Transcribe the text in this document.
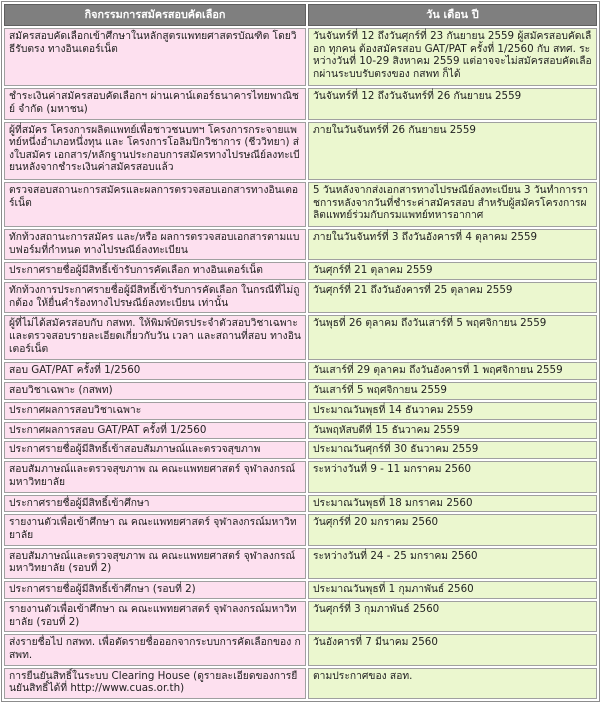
กิจกรรมการสมัครสอบคัดเลือก	วัน เดือน ปี
สมัครสอบคัดเลือกเข้าศึกษาในหลักสูตรแพทยศาสตรบัณฑิต โดยวิธีรับตรง ทางอินเตอร์เน็ต	วันจันทร์ที่ 12 ถึงวันศุกร์ที่ 23 กันยายน 2559 ผู้สมัครสอบคัดเลือก ทุกคน ต้องสมัครสอบ GAT/PAT ครั้งที่ 1/2560 กับ สทศ. ระหว่างวันที่ 10-29 สิงหาคม 2559 แต่อาจจะไม่สมัครสอบคัดเลือกผ่านระบบรับตรงของ กสพท ก็ได้
ชำระเงินค่าสมัครสอบคัดเลือกฯ ผ่านเคาน์เตอร์ธนาคารไทยพาณิชย์ จำกัด (มหาชน)	วันจันทร์ที่ 12 ถึงวันจันทร์ที่ 26 กันยายน 2559
ผู้ที่สมัคร โครงการผลิตแพทย์เพื่อชาวชนบทฯ โครงการกระจายแพทย์หนึ่งอำเภอหนึ่งทุน และ โครงการโอลิมปิกวิชาการ (ชีววิทยา) ส่งใบสมัคร เอกสาร/หลักฐานประกอบการสมัครทางไปรษณีย์ลงทะเบียนหลังจากชำระเงินค่าสมัครสอบแล้ว	ภายในวันจันทร์ที่ 26 กันยายน 2559
ตรวจสอบสถานะการสมัครและผลการตรวจสอบเอกสารทางอินเตอร์เน็ต	5 วันหลังจากส่งเอกสารทางไปรษณีย์ลงทะเบียน 3 วันทำการราชการหลังจากวันที่ชำระค่าสมัครสอบ สำหรับผู้สมัครโครงการผลิตแพทย์ร่วมกับกรมแพทย์ทหารอากาศ
ทักท้วงสถานะการสมัคร และ/หรือ ผลการตรวจสอบเอกสารตามแบบฟอร์มที่กำหนด ทางไปรษณีย์ลงทะเบียน	ภายในวันจันทร์ที่ 3 ถึงวันอังคารที่ 4 ตุลาคม 2559
ประกาศรายชื่อผู้มีสิทธิ์เข้ารับการคัดเลือก ทางอินเตอร์เน็ต	วันศุกร์ที่ 21 ตุลาคม 2559
ทักท้วงการประกาศรายชื่อผู้มีสิทธิ์เข้ารับการคัดเลือก ในกรณีที่ไม่ถูกต้อง ให้ยื่นคำร้องทางไปรษณีย์ลงทะเบียน เท่านั้น	วันศุกร์ที่ 21 ถึงวันอังคารที่ 25 ตุลาคม 2559
ผู้ที่ไม่ได้สมัครสอบกับ กสพท. ให้พิมพ์บัตรประจำตัวสอบวิชาเฉพาะและตรวจสอบรายละเอียดเกี่ยวกับวัน เวลา และสถานที่สอบ ทางอินเตอร์เน็ต	วันพุธที่ 26 ตุลาคม ถึงวันเสาร์ที่ 5 พฤศจิกายน 2559
สอบ GAT/PAT ครั้งที่ 1/2560	วันเสาร์ที่ 29 ตุลาคม ถึงวันอังคารที่ 1 พฤศจิกายน 2559
สอบวิชาเฉพาะ (กสพท)	วันเสาร์ที่ 5 พฤศจิกายน 2559
ประกาศผลการสอบวิชาเฉพาะ	ประมาณวันพุธที่ 14 ธันวาคม 2559
ประกาศผลการสอบ GAT/PAT ครั้งที่ 1/2560	วันพฤหัสบดีที่ 15 ธันวาคม 2559
ประกาศรายชื่อผู้มีสิทธิ์เข้าสอบสัมภาษณ์และตรวจสุขภาพ	ประมาณวันศุกร์ที่ 30 ธันวาคม 2559
สอบสัมภาษณ์และตรวจสุขภาพ ณ คณะแพทยศาสตร์ จุฬาลงกรณ์มหาวิทยาลัย	ระหว่างวันที่ 9 - 11 มกราคม 2560
ประกาศรายชื่อผู้มีสิทธิ์เข้าศึกษา	ประมาณวันพุธที่ 18 มกราคม 2560
รายงานตัวเพื่อเข้าศึกษา ณ คณะแพทยศาสตร์ จุฬาลงกรณ์มหาวิทยาลัย	วันศุกร์ที่ 20 มกราคม 2560
สอบสัมภาษณ์และตรวจสุขภาพ ณ คณะแพทยศาสตร์ จุฬาลงกรณ์มหาวิทยาลัย (รอบที่ 2)	ระหว่างวันที่ 24 - 25 มกราคม 2560
ประกาศรายชื่อผู้มีสิทธิ์เข้าศึกษา (รอบที่ 2)	ประมาณวันพุธที่ 1 กุมภาพันธ์ 2560
รายงานตัวเพื่อเข้าศึกษา ณ คณะแพทยศาสตร์ จุฬาลงกรณ์มหาวิทยาลัย (รอบที่ 2)	วันศุกร์ที่ 3 กุมภาพันธ์ 2560
ส่งรายชื่อไป กสพท. เพื่อตัดรายชื่อออกจากระบบการคัดเลือกของ กสพท.	วันอังคารที่ 7 มีนาคม 2560
การยืนยันสิทธิ์ในระบบ Clearing House (ดูรายละเอียดของการยืนยันสิทธิ์ได้ที่ http://www.cuas.or.th)	ตามประกาศของ สอท.
